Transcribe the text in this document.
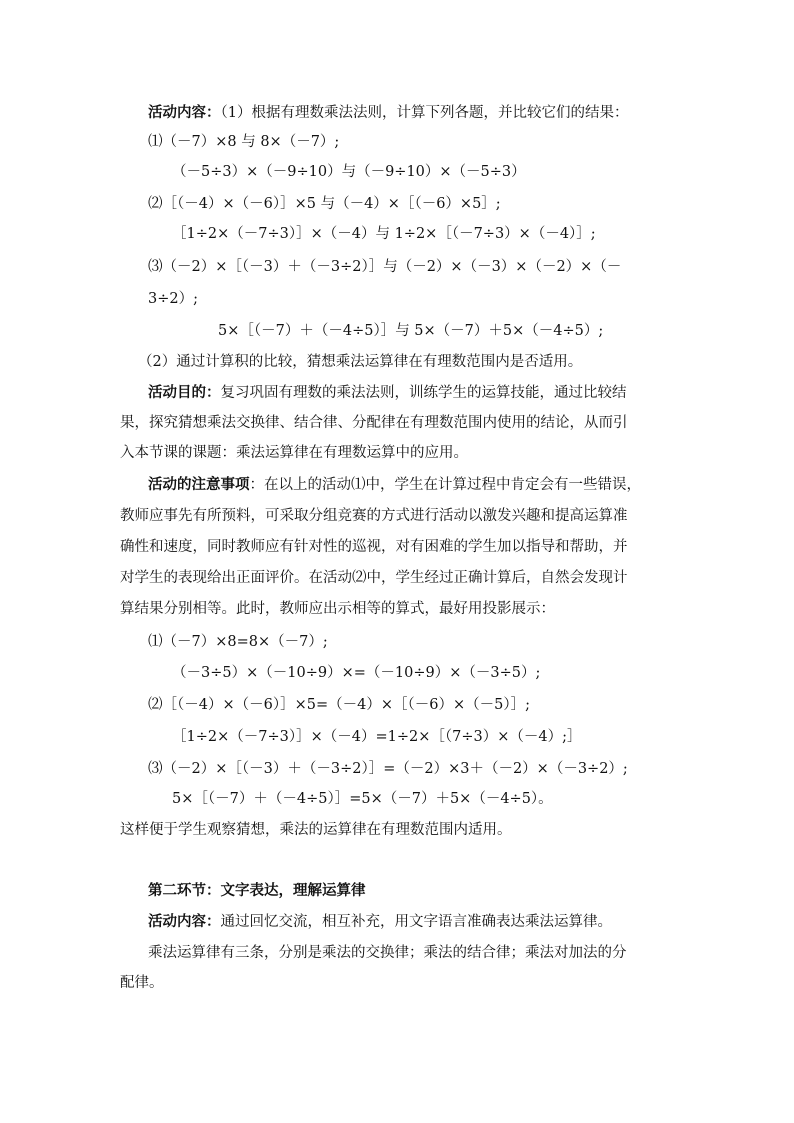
活动内容：（1）根据有理数乘法法则，计算下列各题，并比较它们的结果：
⑴（－7）×8 与 8×（－7）;
（－5÷3）×（－9÷10）与（－9÷10）×（－5÷3）
⑵［（－4）×（－6）］×5 与（－4）×［（－6）×5］;
［1÷2×（－7÷3）］×（－4）与 1÷2×［（－7÷3）×（－4）］;
⑶（－2）×［（－3）＋（－3÷2）］与（－2）×（－3）×（－2）×（－
3÷2）;
5×［（－7）＋（－4÷5）］与 5×（－7）＋5×（－4÷5）;
（2）通过计算积的比较，猜想乘法运算律在有理数范围内是否适用。
活动目的：复习巩固有理数的乘法法则，训练学生的运算技能，通过比较结
果，探究猜想乘法交换律、结合律、分配律在有理数范围内使用的结论，从而引
入本节课的课题：乘法运算律在有理数运算中的应用。
活动的注意事项：在以上的活动⑴中，学生在计算过程中肯定会有一些错误，
教师应事先有所预料，可采取分组竞赛的方式进行活动以激发兴趣和提高运算准
确性和速度，同时教师应有针对性的巡视，对有困难的学生加以指导和帮助，并
对学生的表现给出正面评价。在活动⑵中，学生经过正确计算后，自然会发现计
算结果分别相等。此时，教师应出示相等的算式，最好用投影展示：
⑴（－7）×8=8×（－7）;
（－3÷5）×（－10÷9）×=（－10÷9）×（－3÷5）;
⑵［（－4）×（－6）］×5=（－4）×［（－6）×（－5）］;
［1÷2×（－7÷3）］×（－4）=1÷2×［（7÷3）×（－4）;］
⑶（－2）×［（－3）＋（－3÷2）］=（－2）×3＋（－2）×（－3÷2）;
5×［（－7）＋（－4÷5）］=5×（－7）＋5×（－4÷5）。
这样便于学生观察猜想，乘法的运算律在有理数范围内适用。
第二环节：文字表达，理解运算律
活动内容：通过回忆交流，相互补充，用文字语言准确表达乘法运算律。
乘法运算律有三条，分别是乘法的交换律；乘法的结合律；乘法对加法的分
配律。
